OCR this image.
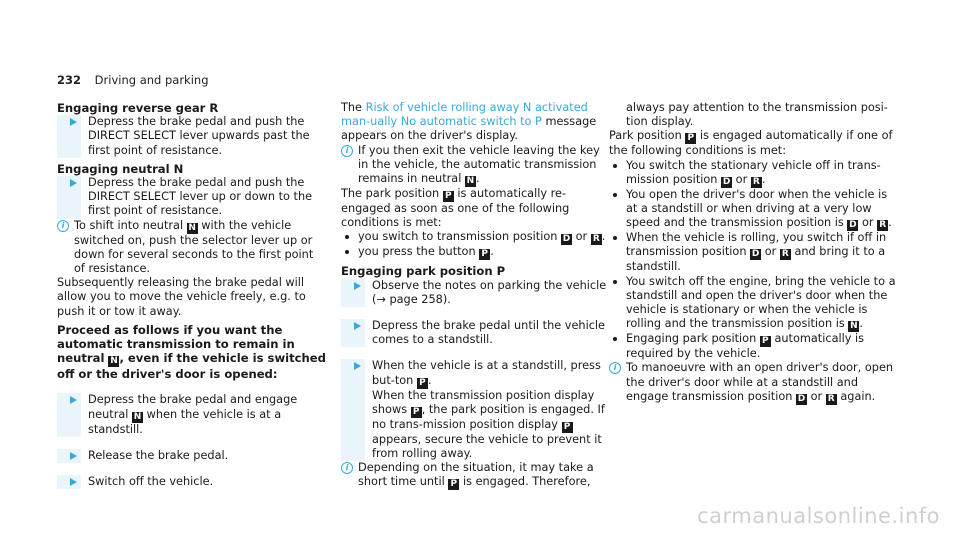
232 Driving and parking
Engaging reverse gear R

Depress the brake pedal and push the DIRECT SELECT lever upwards past the first point of resistance.

Engaging neutral N

Depress the brake pedal and push the DIRECT SELECT lever up or down to the first point of resistance.

i To shift into neutral N with the vehicle switched on, push the selector lever up or down for several seconds to the first point of resistance.

Subsequently releasing the brake pedal will allow you to move the vehicle freely, e.g. to push it or tow it away.

Proceed as follows if you want the automatic transmission to remain in neutral N , even if the vehicle is switched off or the driver's door is opened:

Depress the brake pedal and engage neutral N when the vehicle is at a standstill.

Release the brake pedal.

Switch off the vehicle.

The Risk of vehicle rolling away N activated man-ually No automatic switch to P message appears on the driver's display.

i If you then exit the vehicle leaving the key in the vehicle, the automatic transmission remains in neutral N .

The park position P is automatically re-engaged as soon as one of the following conditions is met:

you switch to transmission position D or R .
you press the button P .
Engaging park position P

Observe the notes on parking the vehicle
(→ page 258).

Depress the brake pedal until the vehicle comes to a standstill.

When the vehicle is at a standstill, press but-ton P .
When the transmission position display shows P , the park position is engaged. If no trans-mission position display P appears, secure the vehicle to prevent it from rolling away.

i Depending on the situation, it may take a short time until P is engaged. Therefore,

always pay attention to the transmission posi-tion display.

Park position P is engaged automatically if one of the following conditions is met:

You switch the stationary vehicle off in trans-mission position D or R .
You open the driver's door when the vehicle is at a standstill or when driving at a very low speed and the transmission position is D or R .
When the vehicle is rolling, you switch if off in transmission position D or R and bring it to a standstill.
You switch off the engine, bring the vehicle to a standstill and open the driver's door when the vehicle is stationary or when the vehicle is rolling and the transmission position is N .
Engaging park position P automatically is required by the vehicle.
i To manoeuvre with an open driver's door, open the driver's door while at a standstill and engage transmission position D or R again.

carmanualsonline.info
